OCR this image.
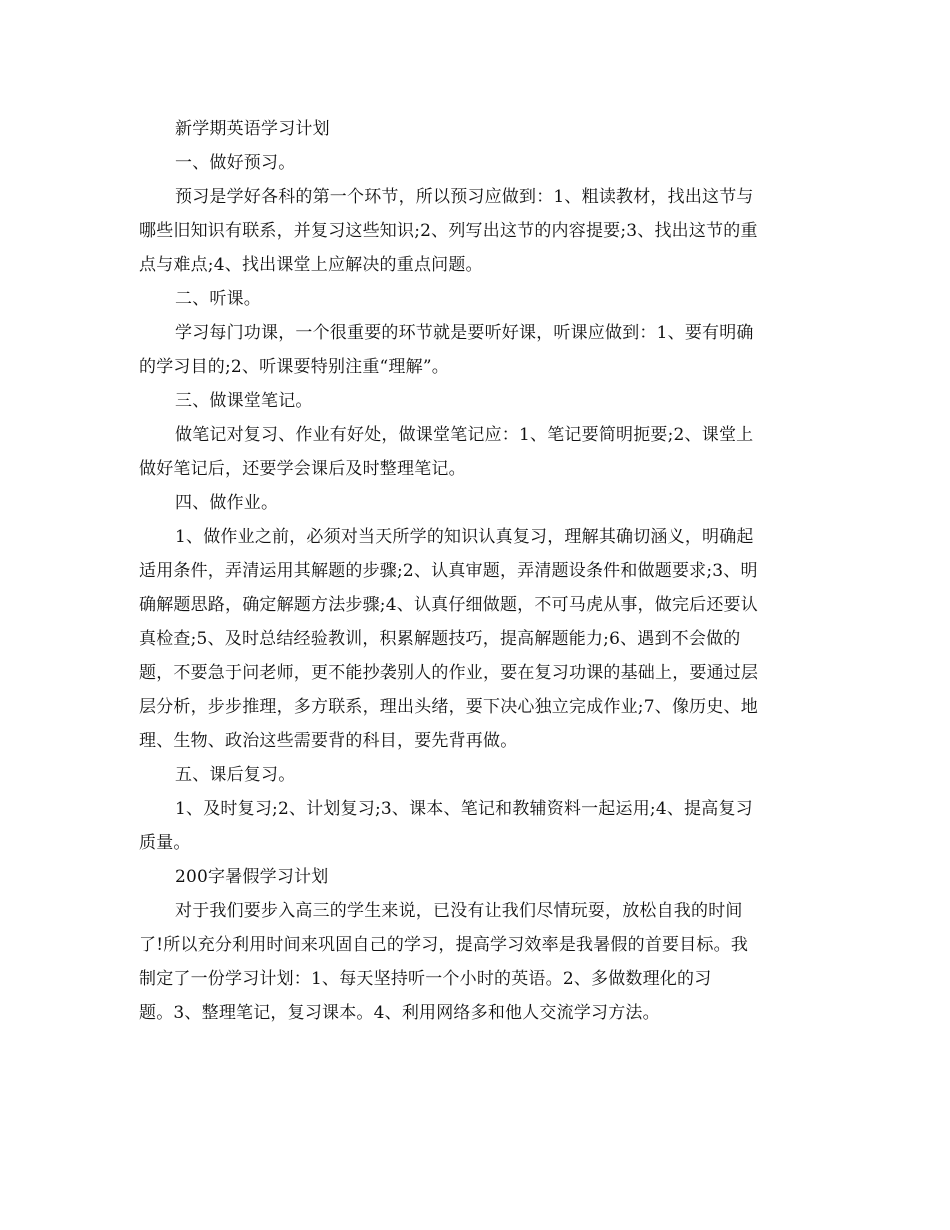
新学期英语学习计划
一、做好预习。
预习是学好各科的第一个环节，所以预习应做到：1、粗读教材，找出这节与
哪些旧知识有联系，并复习这些知识;2、列写出这节的内容提要;3、找出这节的重
点与难点;4、找出课堂上应解决的重点问题。
二、听课。
学习每门功课，一个很重要的环节就是要听好课，听课应做到：1、要有明确
的学习目的;2、听课要特别注重“理解”。
三、做课堂笔记。
做笔记对复习、作业有好处，做课堂笔记应：1、笔记要简明扼要;2、课堂上
做好笔记后，还要学会课后及时整理笔记。
四、做作业。
1、做作业之前，必须对当天所学的知识认真复习，理解其确切涵义，明确起
适用条件，弄清运用其解题的步骤;2、认真审题，弄清题设条件和做题要求;3、明
确解题思路，确定解题方法步骤;4、认真仔细做题，不可马虎从事，做完后还要认
真检查;5、及时总结经验教训，积累解题技巧，提高解题能力;6、遇到不会做的
题，不要急于问老师，更不能抄袭别人的作业，要在复习功课的基础上，要通过层
层分析，步步推理，多方联系，理出头绪，要下决心独立完成作业;7、像历史、地
理、生物、政治这些需要背的科目，要先背再做。
五、课后复习。
1、及时复习;2、计划复习;3、课本、笔记和教辅资料一起运用;4、提高复习
质量。
200字暑假学习计划
对于我们要步入高三的学生来说，已没有让我们尽情玩耍，放松自我的时间
了!所以充分利用时间来巩固自己的学习，提高学习效率是我暑假的首要目标。我
制定了一份学习计划：1、每天坚持听一个小时的英语。2、多做数理化的习
题。3、整理笔记，复习课本。4、利用网络多和他人交流学习方法。
